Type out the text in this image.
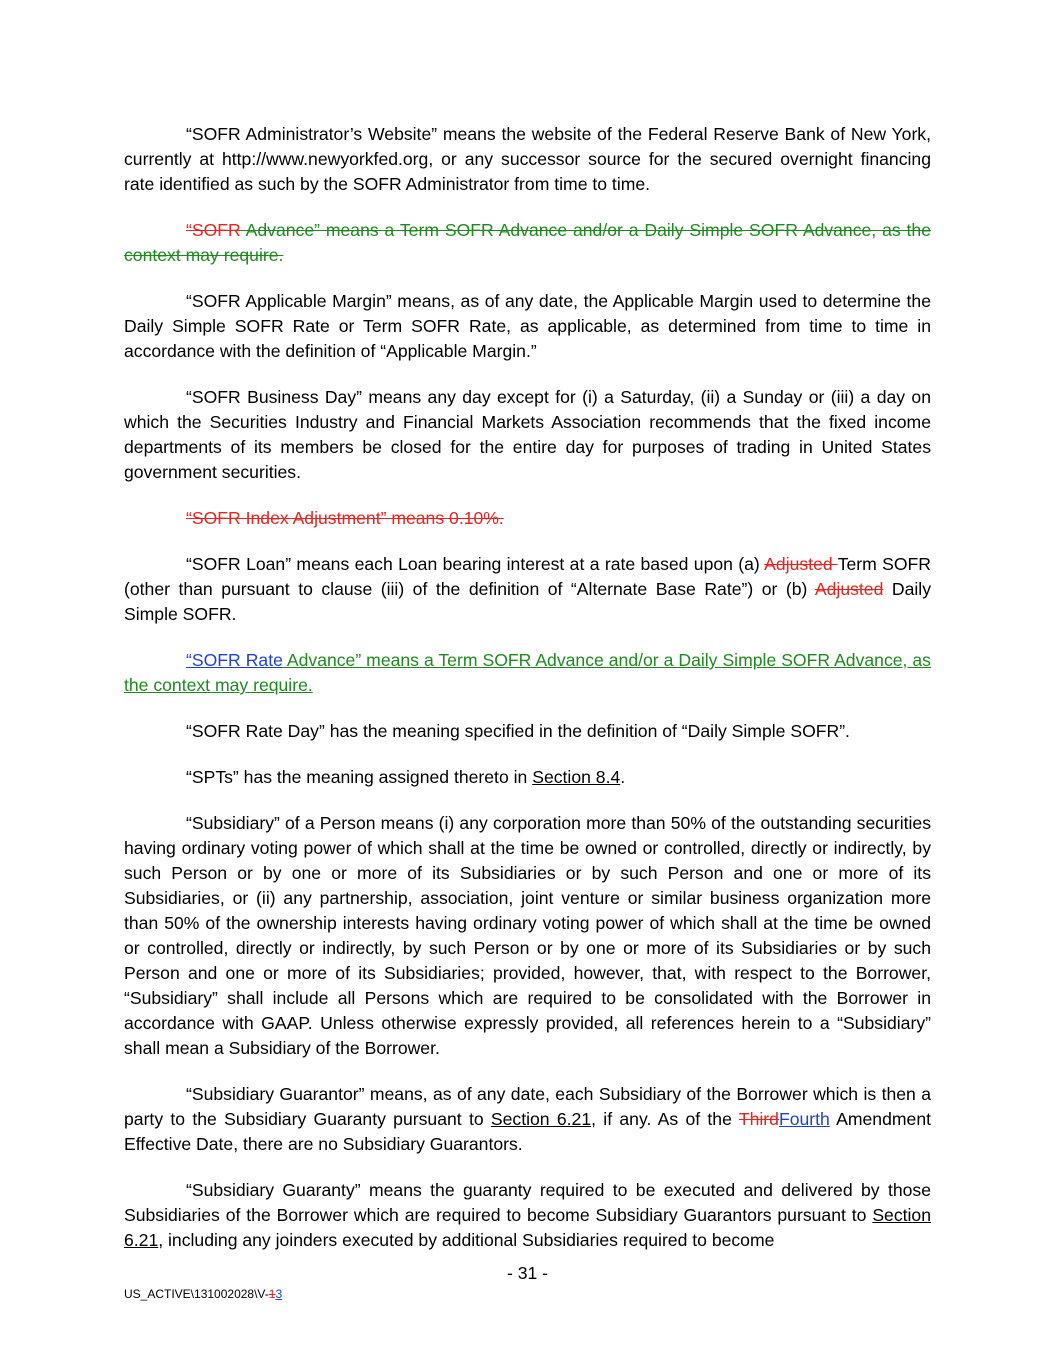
“SOFR Administrator’s Website” means the website of the Federal Reserve Bank of New York, currently at http://www.newyorkfed.org, or any successor source for the secured overnight financing rate identified as such by the SOFR Administrator from time to time.

“SOFR Advance” means a Term SOFR Advance and/or a Daily Simple SOFR Advance, as the context may require.

“SOFR Applicable Margin” means, as of any date, the Applicable Margin used to determine the Daily Simple SOFR Rate or Term SOFR Rate, as applicable, as determined from time to time in accordance with the definition of “Applicable Margin.”

“SOFR Business Day” means any day except for (i) a Saturday, (ii) a Sunday or (iii) a day on which the Securities Industry and Financial Markets Association recommends that the fixed income departments of its members be closed for the entire day for purposes of trading in United States government securities.

“SOFR Index Adjustment” means 0.10%.

“SOFR Loan” means each Loan bearing interest at a rate based upon (a) Adjusted Term SOFR (other than pursuant to clause (iii) of the definition of “Alternate Base Rate”) or (b) Adjusted Daily Simple SOFR.

“SOFR Rate Advance” means a Term SOFR Advance and/or a Daily Simple SOFR Advance, as the context may require.

“SOFR Rate Day” has the meaning specified in the definition of “Daily Simple SOFR”.

“SPTs” has the meaning assigned thereto in Section 8.4.

“Subsidiary” of a Person means (i) any corporation more than 50% of the outstanding securities having ordinary voting power of which shall at the time be owned or controlled, directly or indirectly, by such Person or by one or more of its Subsidiaries or by such Person and one or more of its Subsidiaries, or (ii) any partnership, association, joint venture or similar business organization more than 50% of the ownership interests having ordinary voting power of which shall at the time be owned or controlled, directly or indirectly, by such Person or by one or more of its Subsidiaries or by such Person and one or more of its Subsidiaries; provided, however, that, with respect to the Borrower, “Subsidiary” shall include all Persons which are required to be consolidated with the Borrower in accordance with GAAP. Unless otherwise expressly provided, all references herein to a “Subsidiary” shall mean a Subsidiary of the Borrower.

“Subsidiary Guarantor” means, as of any date, each Subsidiary of the Borrower which is then a party to the Subsidiary Guaranty pursuant to Section 6.21, if any. As of the ThirdFourth Amendment Effective Date, there are no Subsidiary Guarantors.

“Subsidiary Guaranty” means the guaranty required to be executed and delivered by those Subsidiaries of the Borrower which are required to become Subsidiary Guarantors pursuant to Section 6.21, including any joinders executed by additional Subsidiaries required to become

- 31 -
US_ACTIVE\131002028\V-13
